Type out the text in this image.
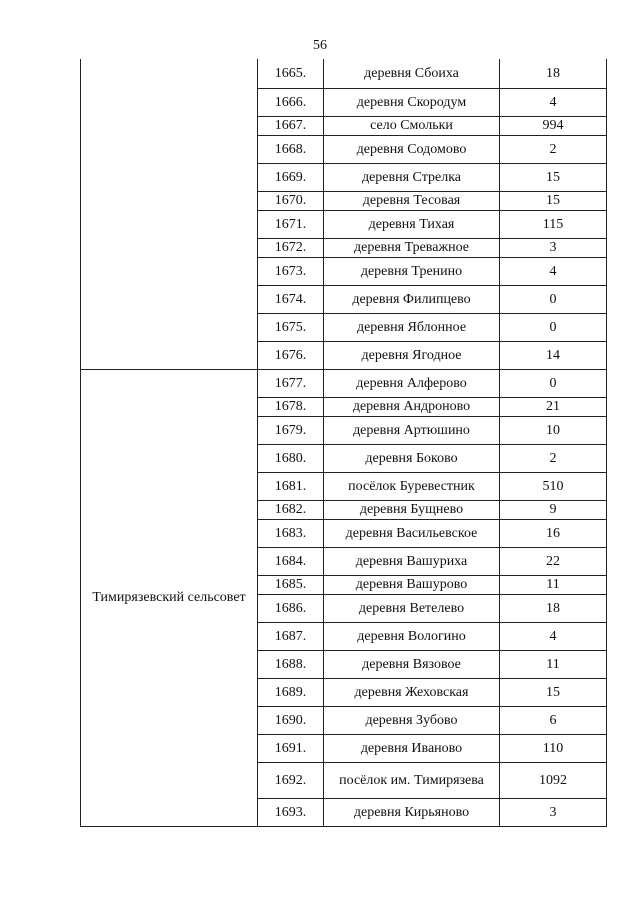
56
	1665.	деревня Сбоиха	18
	1666.	деревня Скородум	4
	1667.	село Смольки	994
	1668.	деревня Содомово	2
	1669.	деревня Стрелка	15
	1670.	деревня Тесовая	15
	1671.	деревня Тихая	115
	1672.	деревня Треважное	3
	1673.	деревня Тренино	4
	1674.	деревня Филипцево	0
	1675.	деревня Яблонное	0
	1676.	деревня Ягодное	14
Тимирязевский сельсовет	1677.	деревня Алферово	0
	1678.	деревня Андроново	21
	1679.	деревня Артюшино	10
	1680.	деревня Боково	2
	1681.	посёлок Буревестник	510
	1682.	деревня Бущнево	9
	1683.	деревня Васильевское	16
	1684.	деревня Вашуриха	22
	1685.	деревня Вашурово	11
	1686.	деревня Ветелево	18
	1687.	деревня Вологино	4
	1688.	деревня Вязовое	11
	1689.	деревня Жеховская	15
	1690.	деревня Зубово	6
	1691.	деревня Иваново	110
	1692.	посёлок им. Тимирязева	1092
	1693.	деревня Кирьяново	3
